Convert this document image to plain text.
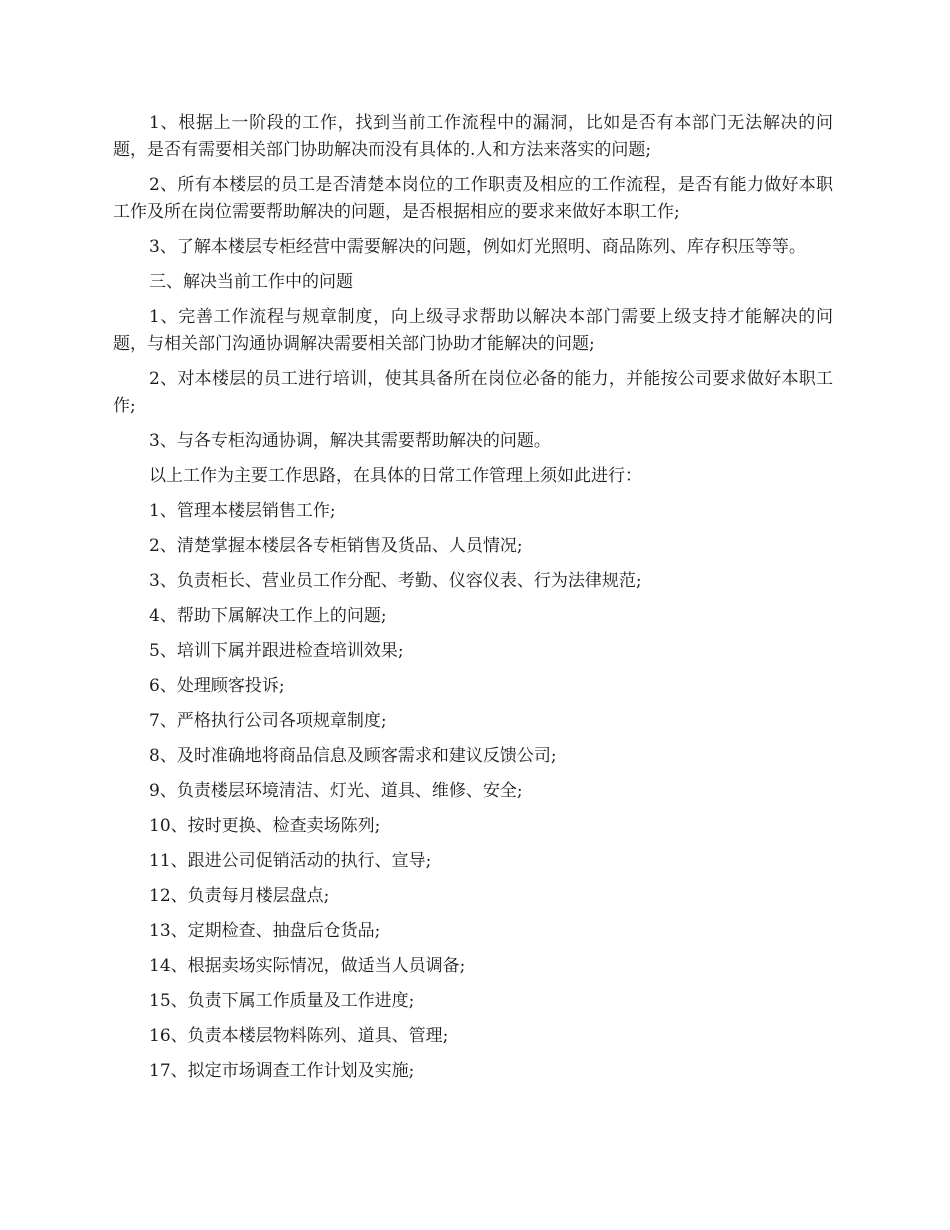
1、根据上一阶段的工作，找到当前工作流程中的漏洞，比如是否有本部门无法解决的问题，是否有需要相关部门协助解决而没有具体的.人和方法来落实的问题;

2、所有本楼层的员工是否清楚本岗位的工作职责及相应的工作流程，是否有能力做好本职工作及所在岗位需要帮助解决的问题，是否根据相应的要求来做好本职工作;

3、了解本楼层专柜经营中需要解决的问题，例如灯光照明、商品陈列、库存积压等等。

三、解决当前工作中的问题

1、完善工作流程与规章制度，向上级寻求帮助以解决本部门需要上级支持才能解决的问题，与相关部门沟通协调解决需要相关部门协助才能解决的问题;

2、对本楼层的员工进行培训，使其具备所在岗位必备的能力，并能按公司要求做好本职工作;

3、与各专柜沟通协调，解决其需要帮助解决的问题。

以上工作为主要工作思路，在具体的日常工作管理上须如此进行：

1、管理本楼层销售工作;

2、清楚掌握本楼层各专柜销售及货品、人员情况;

3、负责柜长、营业员工作分配、考勤、仪容仪表、行为法律规范;

4、帮助下属解决工作上的问题;

5、培训下属并跟进检查培训效果;

6、处理顾客投诉;

7、严格执行公司各项规章制度;

8、及时准确地将商品信息及顾客需求和建议反馈公司;

9、负责楼层环境清洁、灯光、道具、维修、安全;

10、按时更换、检查卖场陈列;

11、跟进公司促销活动的执行、宣导;

12、负责每月楼层盘点;

13、定期检查、抽盘后仓货品;

14、根据卖场实际情况，做适当人员调备;

15、负责下属工作质量及工作进度;

16、负责本楼层物料陈列、道具、管理;

17、拟定市场调查工作计划及实施;
